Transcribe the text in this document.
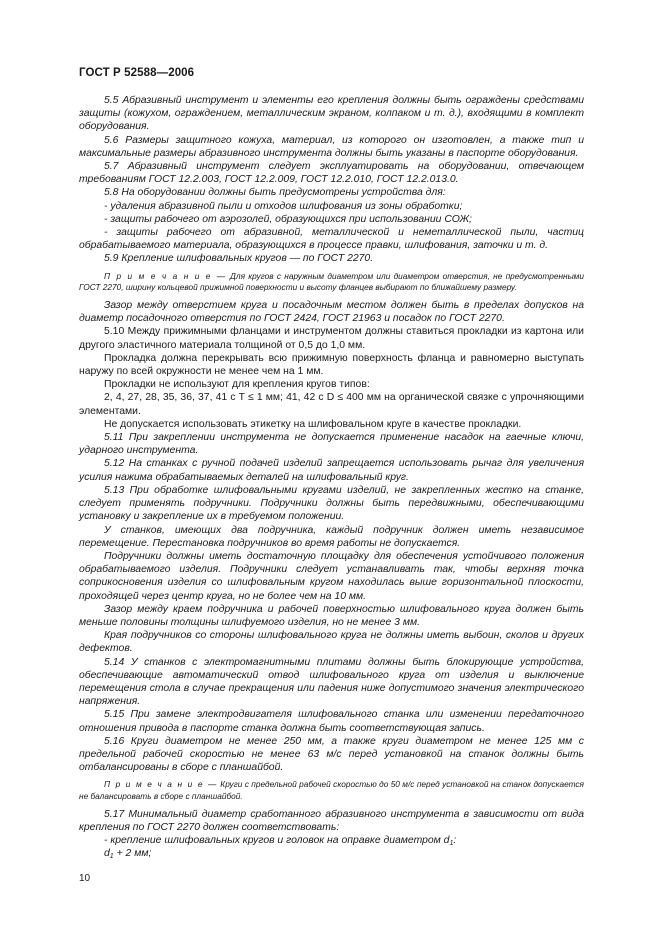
ГОСТ Р 52588—2006

5.5 Абразивный инструмент и элементы его крепления должны быть ограждены средствами защиты (кожухом, ограждением, металлическим экраном, колпаком и т. д.), входящими в комплект оборудования.

5.6 Размеры защитного кожуха, материал, из которого он изготовлен, а также тип и максимальные размеры абразивного инструмента должны быть указаны в паспорте оборудования.

5.7 Абразивный инструмент следует эксплуатировать на оборудовании, отвечающем требованиям ГОСТ 12.2.003, ГОСТ 12.2.009, ГОСТ 12.2.010, ГОСТ 12.2.013.0.

5.8 На оборудовании должны быть предусмотрены устройства для:

- удаления абразивной пыли и отходов шлифования из зоны обработки;

- защиты рабочего от аэрозолей, образующихся при использовании СОЖ;

- защиты рабочего от абразивной, металлической и неметаллической пыли, частиц обрабатываемого материала, образующихся в процессе правки, шлифования, заточки и т. д.

5.9 Крепление шлифовальных кругов — по ГОСТ 2270.

П р и м е ч а н и е — Для кругов с наружным диаметром или диаметром отверстия, не предусмотренными ГОСТ 2270, ширину кольцевой прижимной поверхности и высоту фланцев выбирают по ближайшему размеру.

Зазор между отверстием круга и посадочным местом должен быть в пределах допусков на диаметр посадочного отверстия по ГОСТ 2424, ГОСТ 21963 и посадок по ГОСТ 2270.

5.10 Между прижимными фланцами и инструментом должны ставиться прокладки из картона или другого эластичного материала толщиной от 0,5 до 1,0 мм.

Прокладка должна перекрывать всю прижимную поверхность фланца и равномерно выступать наружу по всей окружности не менее чем на 1 мм.

Прокладки не используют для крепления кругов типов:

2, 4, 27, 28, 35, 36, 37, 41 с T ≤ 1 мм; 41, 42 с D ≤ 400 мм на органической связке с упрочняющими элементами.

Не допускается использовать этикетку на шлифовальном круге в качестве прокладки.

5.11 При закреплении инструмента не допускается применение насадок на гаечные ключи, ударного инструмента.

5.12 На станках с ручной подачей изделий запрещается использовать рычаг для увеличения усилия нажима обрабатываемых деталей на шлифовальный круг.

5.13 При обработке шлифовальными кругами изделий, не закрепленных жестко на станке, следует применять подручники. Подручники должны быть передвижными, обеспечивающими установку и закрепление их в требуемом положении.

У станков, имеющих два подручника, каждый подручник должен иметь независимое перемещение. Перестановка подручников во время работы не допускается.

Подручники должны иметь достаточную площадку для обеспечения устойчивого положения обрабатываемого изделия. Подручники следует устанавливать так, чтобы верхняя точка соприкосновения изделия со шлифовальным кругом находилась выше горизонтальной плоскости, проходящей через центр круга, но не более чем на 10 мм.

Зазор между краем подручника и рабочей поверхностью шлифовального круга должен быть меньше половины толщины шлифуемого изделия, но не менее 3 мм.

Края подручников со стороны шлифовального круга не должны иметь выбоин, сколов и других дефектов.

5.14 У станков с электромагнитными плитами должны быть блокирующие устройства, обеспечивающие автоматический отвод шлифовального круга от изделия и выключение перемещения стола в случае прекращения или падения ниже допустимого значения электрического напряжения.

5.15 При замене электродвигателя шлифовального станка или изменении передаточного отношения привода в паспорте станка должна быть соответствующая запись.

5.16 Круги диаметром не менее 250 мм, а также круги диаметром не менее 125 мм с предельной рабочей скоростью не менее 63 м/с перед установкой на станок должны быть отбалансированы в сборе с планшайбой.

П р и м е ч а н и е — Круги с предельной рабочей скоростью до 50 м/с перед установкой на станок допускается не балансировать в сборе с планшайбой.

5.17 Минимальный диаметр сработанного абразивного инструмента в зависимости от вида крепления по ГОСТ 2270 должен соответствовать:

- крепление шлифовальных кругов и головок на оправке диаметром $d_1$:

$d_1 + 2$ мм;

10
